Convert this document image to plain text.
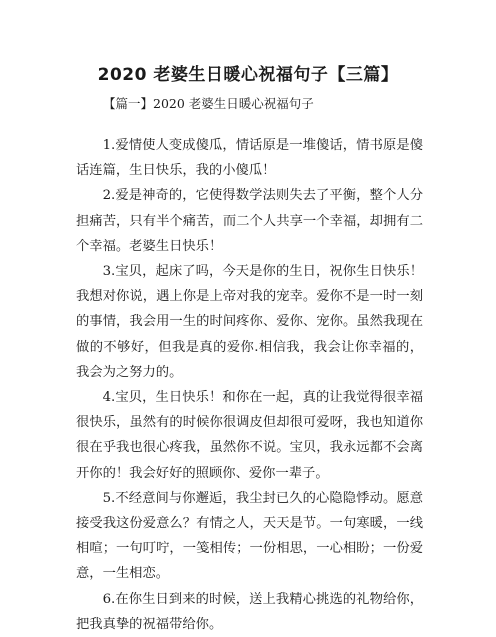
2020 老婆生日暖心祝福句子【三篇】
【篇一】2020 老婆生日暖心祝福句子

1.爱情使人变成傻瓜，情话原是一堆傻话，情书原是傻话连篇，生日快乐，我的小傻瓜！

2.爱是神奇的，它使得数学法则失去了平衡，整个人分担痛苦，只有半个痛苦，而二个人共享一个幸福，却拥有二个幸福。老婆生日快乐！

3.宝贝，起床了吗，今天是你的生日，祝你生日快乐！我想对你说，遇上你是上帝对我的宠幸。爱你不是一时一刻的事情，我会用一生的时间疼你、爱你、宠你。虽然我现在做的不够好，但我是真的爱你.相信我，我会让你幸福的，我会为之努力的。

4.宝贝，生日快乐！和你在一起，真的让我觉得很幸福很快乐，虽然有的时候你很调皮但却很可爱呀，我也知道你很在乎我也很心疼我，虽然你不说。宝贝，我永远都不会离开你的！我会好好的照顾你、爱你一辈子。

5.不经意间与你邂逅，我尘封已久的心隐隐悸动。愿意接受我这份爱意么？有情之人，天天是节。一句寒暖，一线相喧；一句叮咛，一笺相传；一份相思，一心相盼；一份爱意，一生相恋。

6.在你生日到来的时候，送上我精心挑选的礼物给你，把我真挚的祝福带给你。
